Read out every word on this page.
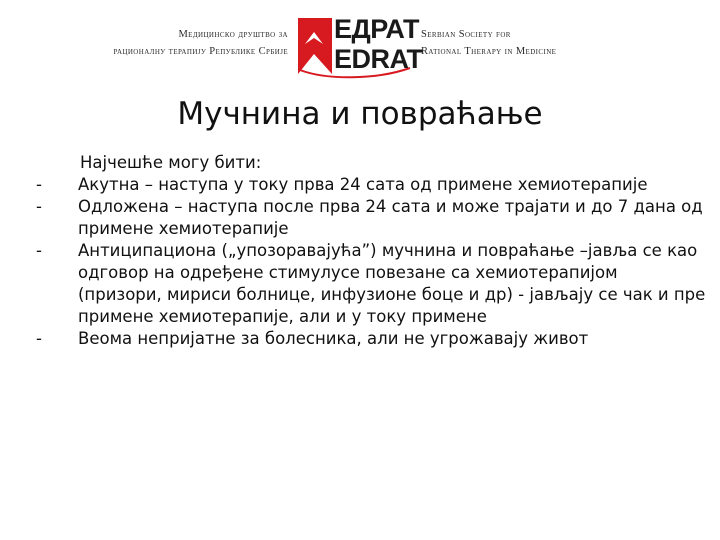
Медицинско друштво за
рационалну терапију Републике Србије
ЕДРАТ
EDRAT
Serbian Society for
Rational Therapy in Medicine
Мучнина и повраћање
Најчешће могу бити:
- Акутна – наступа у току прва 24 сата од примене хемиотерапије
- Одложена – наступа после прва 24 сата и може трајати и до 7 дана од примене хемиотерапије
- Антиципациона („упозоравајућа”) мучнина и повраћање –јавља се као одговор на одређене стимулусе повезане са хемиотерапијом (призори, мириси болнице, инфузионе боце и др) - јављају се чак и пре примене хемиотерапије, али и у току примене
- Веома непријатне за болесника, али не угрожавају живот
